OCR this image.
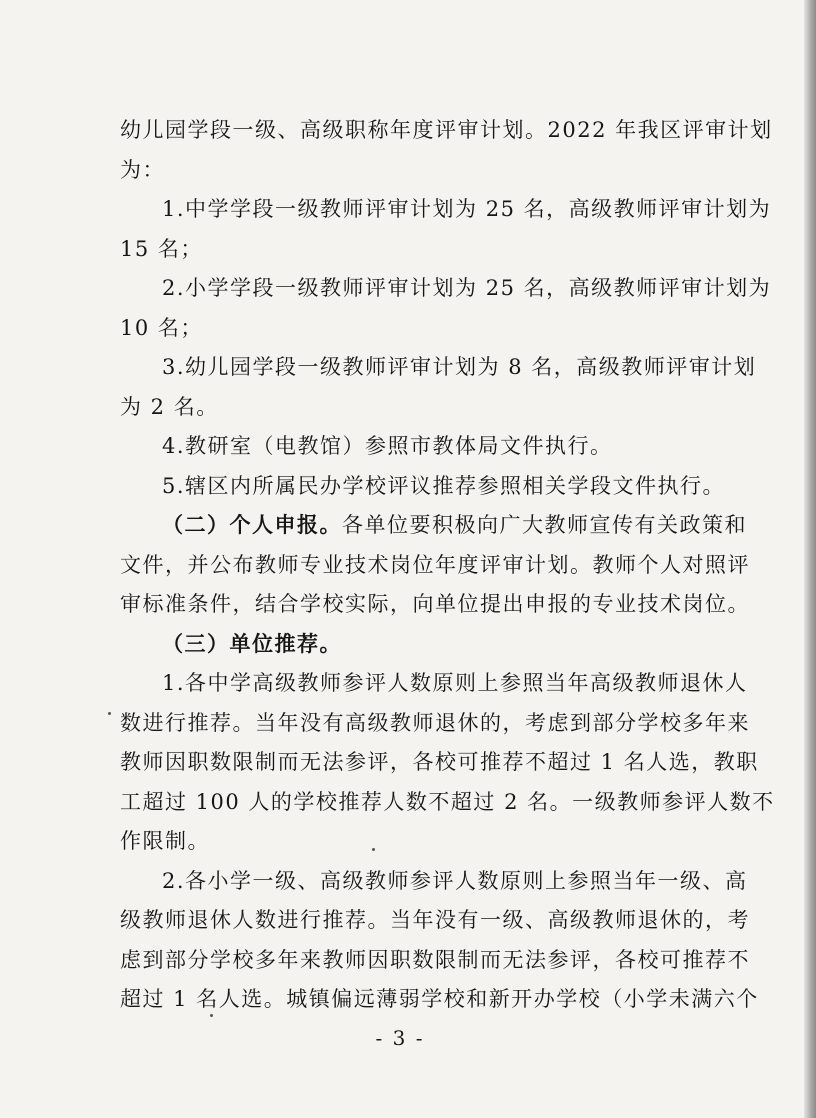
幼儿园学段一级、高级职称年度评审计划。2022 年我区评审计划
为：
1.中学学段一级教师评审计划为 25 名，高级教师评审计划为
15 名；
2.小学学段一级教师评审计划为 25 名，高级教师评审计划为
10 名；
3.幼儿园学段一级教师评审计划为 8 名，高级教师评审计划
为 2 名。
4.教研室（电教馆）参照市教体局文件执行。
5.辖区内所属民办学校评议推荐参照相关学段文件执行。
（二）个人申报。各单位要积极向广大教师宣传有关政策和
文件，并公布教师专业技术岗位年度评审计划。教师个人对照评
审标准条件，结合学校实际，向单位提出申报的专业技术岗位。
（三）单位推荐。
1.各中学高级教师参评人数原则上参照当年高级教师退休人
数进行推荐。当年没有高级教师退休的，考虑到部分学校多年来
教师因职数限制而无法参评，各校可推荐不超过 1 名人选，教职
工超过 100 人的学校推荐人数不超过 2 名。一级教师参评人数不
作限制。
2.各小学一级、高级教师参评人数原则上参照当年一级、高
级教师退休人数进行推荐。当年没有一级、高级教师退休的，考
虑到部分学校多年来教师因职数限制而无法参评，各校可推荐不
超过 1 名人选。城镇偏远薄弱学校和新开办学校（小学未满六个
- 3 -
